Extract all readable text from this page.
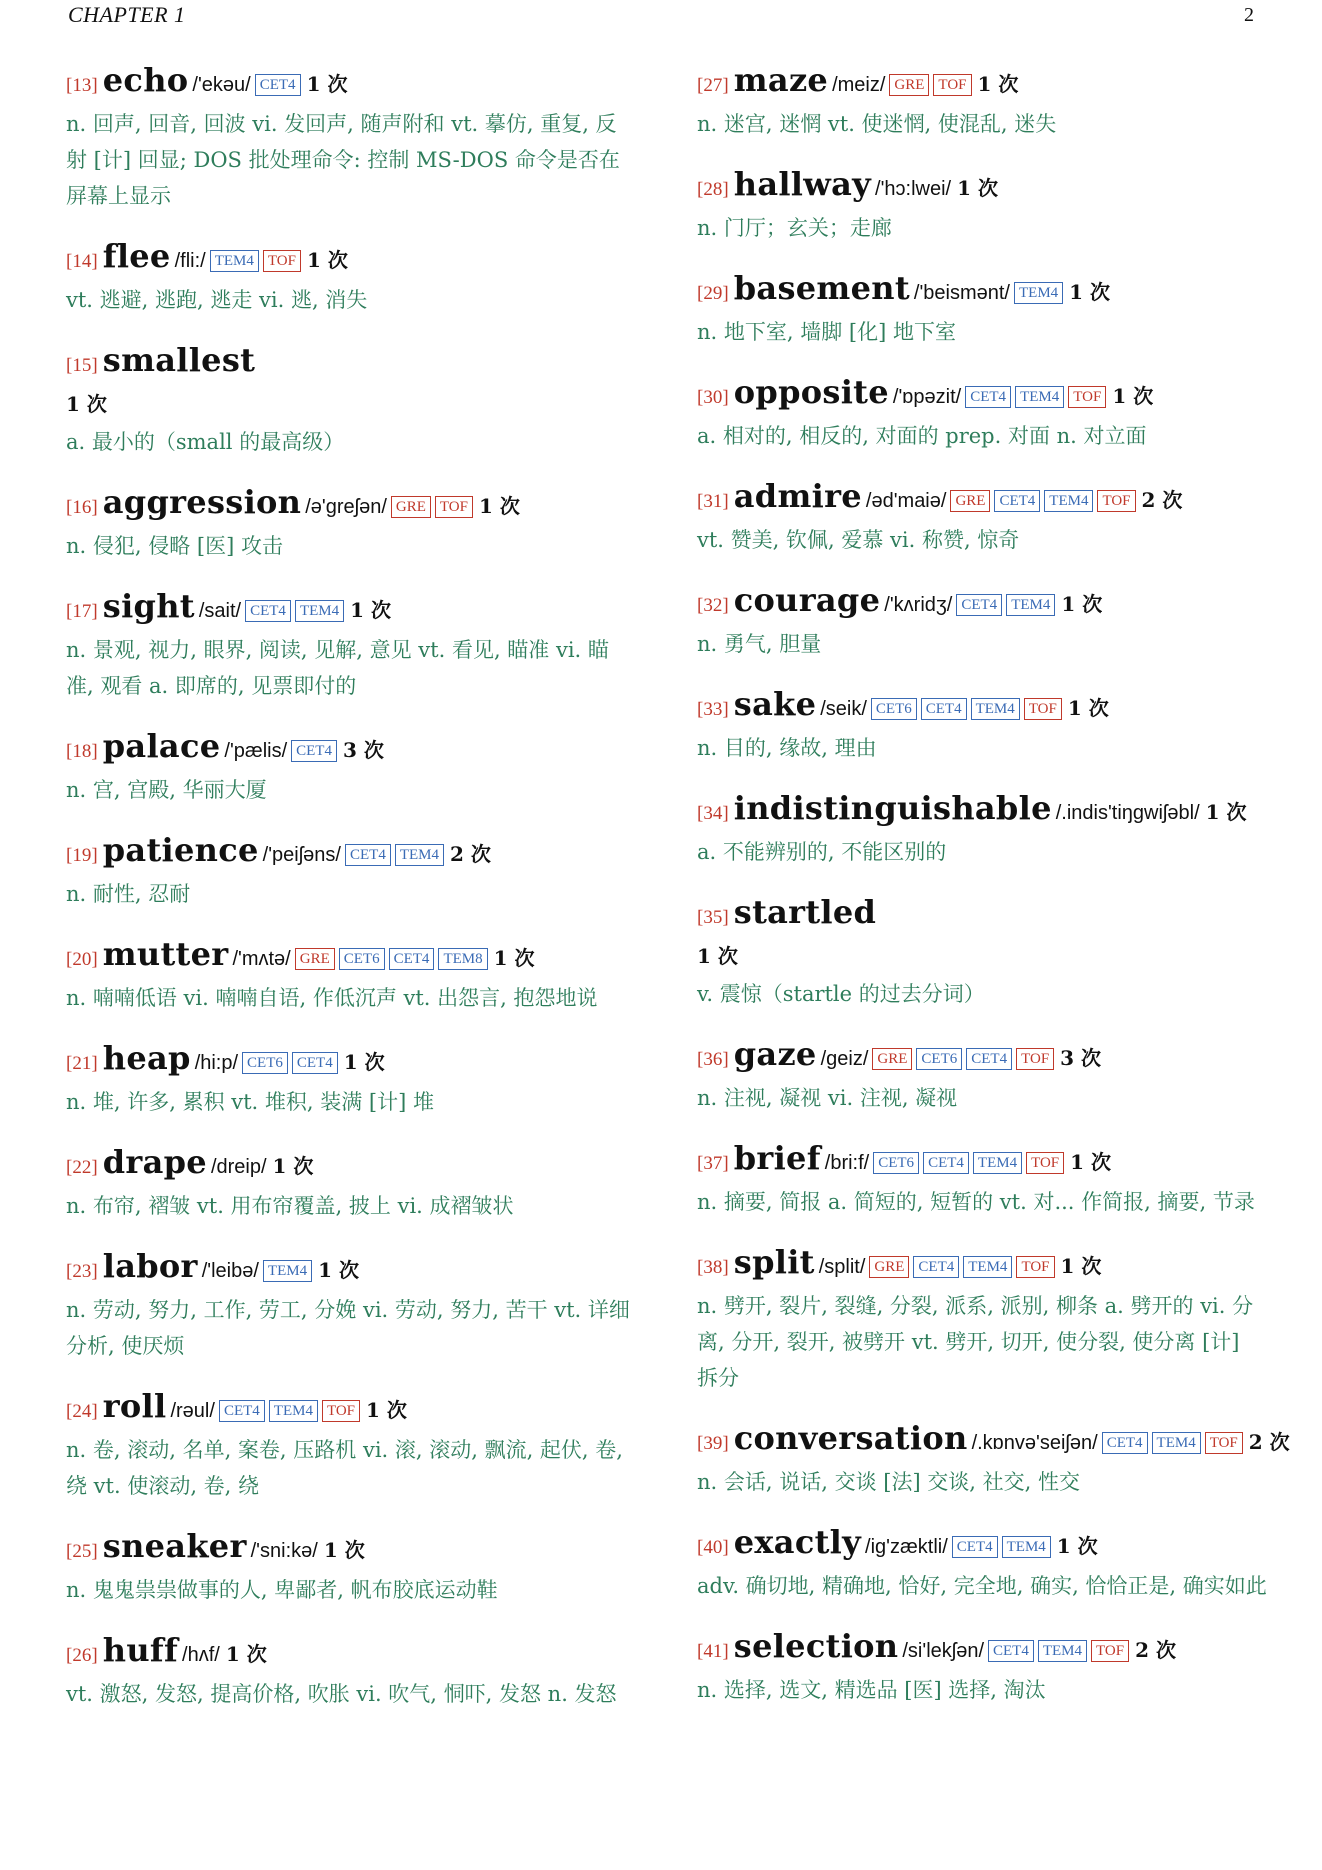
CHAPTER 1	2
[13] echo /'ekəu/ CET4 1 次
n. 回声, 回音, 回波 vi. 发回声, 随声附和 vt. 摹仿, 重复, 反射 [计] 回显; DOS 批处理命令: 控制 MS-DOS 命令是否在屏幕上显示
[14] flee /fli:/ TEM4 TOF 1 次
vt. 逃避, 逃跑, 逃走 vi. 逃, 消失
[15] smallest
1 次
a. 最小的（small 的最高级）
[16] aggression /ə'greʃən/ GRE TOF 1 次
n. 侵犯, 侵略 [医] 攻击
[17] sight /sait/ CET4 TEM4 1 次
n. 景观, 视力, 眼界, 阅读, 见解, 意见 vt. 看见, 瞄准 vi. 瞄准, 观看 a. 即席的, 见票即付的
[18] palace /'pælis/ CET4 3 次
n. 宫, 宫殿, 华丽大厦
[19] patience /'peiʃəns/ CET4 TEM4 2 次
n. 耐性, 忍耐
[20] mutter /'mʌtə/ GRE CET6 CET4 TEM8 1 次
n. 喃喃低语 vi. 喃喃自语, 作低沉声 vt. 出怨言, 抱怨地说
[21] heap /hi:p/ CET6 CET4 1 次
n. 堆, 许多, 累积 vt. 堆积, 装满 [计] 堆
[22] drape /dreip/ 1 次
n. 布帘, 褶皱 vt. 用布帘覆盖, 披上 vi. 成褶皱状
[23] labor /'leibə/ TEM4 1 次
n. 劳动, 努力, 工作, 劳工, 分娩 vi. 劳动, 努力, 苦干 vt. 详细分析, 使厌烦
[24] roll /rəul/ CET4 TEM4 TOF 1 次
n. 卷, 滚动, 名单, 案卷, 压路机 vi. 滚, 滚动, 飘流, 起伏, 卷, 绕 vt. 使滚动, 卷, 绕
[25] sneaker /'sni:kə/ 1 次
n. 鬼鬼祟祟做事的人, 卑鄙者, 帆布胶底运动鞋
[26] huff /hʌf/ 1 次
vt. 激怒, 发怒, 提高价格, 吹胀 vi. 吹气, 恫吓, 发怒 n. 发怒
[27] maze /meiz/ GRE TOF 1 次
n. 迷宫, 迷惘 vt. 使迷惘, 使混乱, 迷失
[28] hallway /'hɔ:lwei/ 1 次
n. 门厅；玄关；走廊
[29] basement /'beismənt/ TEM4 1 次
n. 地下室, 墙脚 [化] 地下室
[30] opposite /'ɒpəzit/ CET4 TEM4 TOF 1 次
a. 相对的, 相反的, 对面的 prep. 对面 n. 对立面
[31] admire /əd'maiə/ GRE CET4 TEM4 TOF 2 次
vt. 赞美, 钦佩, 爱慕 vi. 称赞, 惊奇
[32] courage /'kʌridʒ/ CET4 TEM4 1 次
n. 勇气, 胆量
[33] sake /seik/ CET6 CET4 TEM4 TOF 1 次
n. 目的, 缘故, 理由
[34] indistinguishable /.indis'tiŋgwiʃəbl/ 1 次
a. 不能辨别的, 不能区别的
[35] startled
1 次
v. 震惊（startle 的过去分词）
[36] gaze /geiz/ GRE CET6 CET4 TOF 3 次
n. 注视, 凝视 vi. 注视, 凝视
[37] brief /bri:f/ CET6 CET4 TEM4 TOF 1 次
n. 摘要, 简报 a. 简短的, 短暂的 vt. 对... 作简报, 摘要, 节录
[38] split /split/ GRE CET4 TEM4 TOF 1 次
n. 劈开, 裂片, 裂缝, 分裂, 派系, 派别, 柳条 a. 劈开的 vi. 分离, 分开, 裂开, 被劈开 vt. 劈开, 切开, 使分裂, 使分离 [计] 拆分
[39] conversation /.kɒnvə'seiʃən/ CET4 TEM4 TOF 2 次
n. 会话, 说话, 交谈 [法] 交谈, 社交, 性交
[40] exactly /ig'zæktli/ CET4 TEM4 1 次
adv. 确切地, 精确地, 恰好, 完全地, 确实, 恰恰正是, 确实如此
[41] selection /si'lekʃən/ CET4 TEM4 TOF 2 次
n. 选择, 选文, 精选品 [医] 选择, 淘汰
